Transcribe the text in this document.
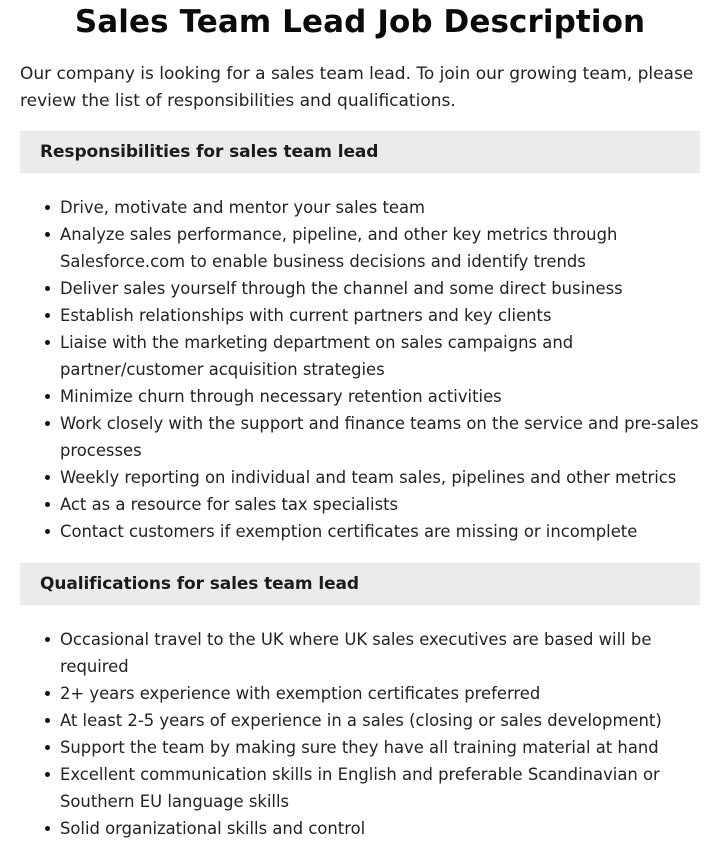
Sales Team Lead Job Description

Our company is looking for a sales team lead. To join our growing team, please review the list of responsibilities and qualifications.

Responsibilities for sales team lead
Drive, motivate and mentor your sales team
Analyze sales performance, pipeline, and other key metrics through Salesforce.com to enable business decisions and identify trends
Deliver sales yourself through the channel and some direct business
Establish relationships with current partners and key clients
Liaise with the marketing department on sales campaigns and partner/customer acquisition strategies
Minimize churn through necessary retention activities
Work closely with the support and finance teams on the service and pre-sales processes
Weekly reporting on individual and team sales, pipelines and other metrics
Act as a resource for sales tax specialists
Contact customers if exemption certificates are missing or incomplete
Qualifications for sales team lead
Occasional travel to the UK where UK sales executives are based will be required
2+ years experience with exemption certificates preferred
At least 2-5 years of experience in a sales (closing or sales development)
Support the team by making sure they have all training material at hand
Excellent communication skills in English and preferable Scandinavian or Southern EU language skills
Solid organizational skills and control
